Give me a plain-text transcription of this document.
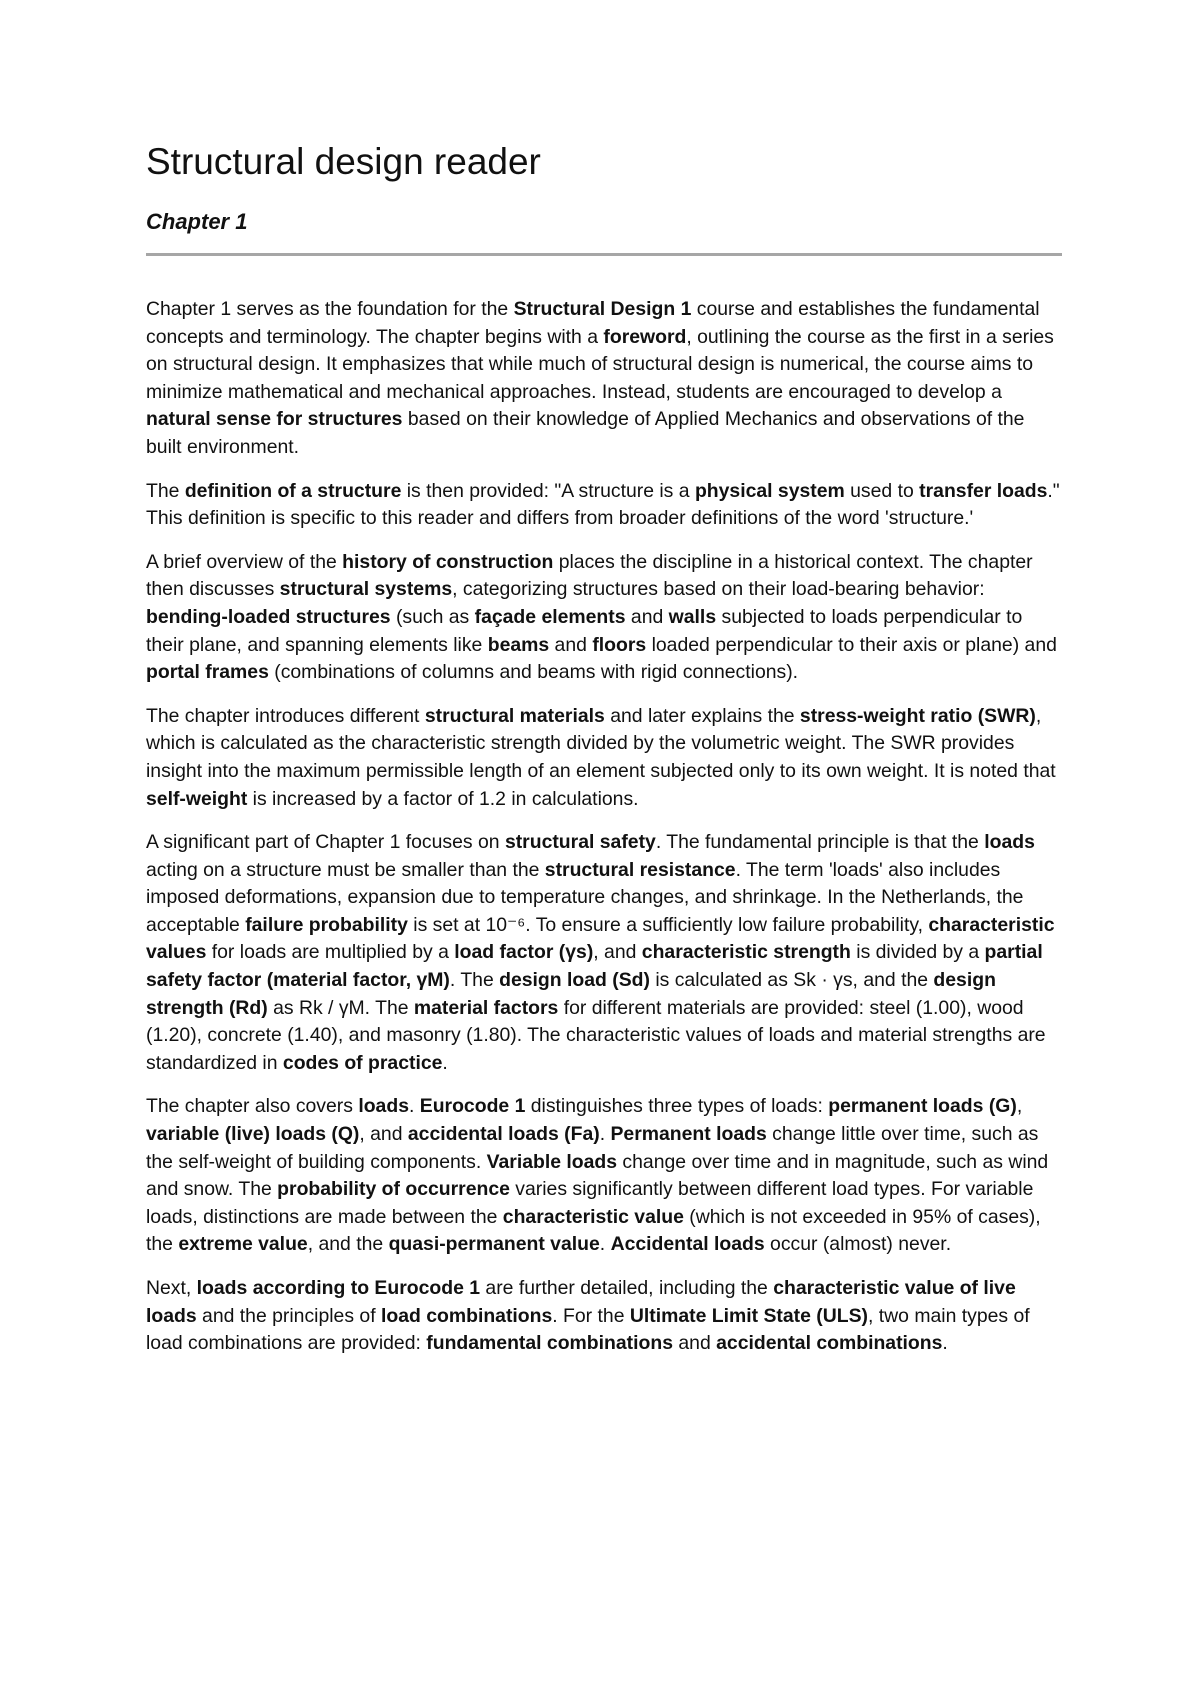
Structural design reader
Chapter 1

Chapter 1 serves as the foundation for the Structural Design 1 course and establishes the fundamental concepts and terminology. The chapter begins with a foreword, outlining the course as the first in a series on structural design. It emphasizes that while much of structural design is numerical, the course aims to minimize mathematical and mechanical approaches. Instead, students are encouraged to develop a natural sense for structures based on their knowledge of Applied Mechanics and observations of the built environment.

The definition of a structure is then provided: "A structure is a physical system used to transfer loads." This definition is specific to this reader and differs from broader definitions of the word 'structure.'

A brief overview of the history of construction places the discipline in a historical context. The chapter then discusses structural systems, categorizing structures based on their load-bearing behavior: bending-loaded structures (such as façade elements and walls subjected to loads perpendicular to their plane, and spanning elements like beams and floors loaded perpendicular to their axis or plane) and portal frames (combinations of columns and beams with rigid connections).

The chapter introduces different structural materials and later explains the stress-weight ratio (SWR), which is calculated as the characteristic strength divided by the volumetric weight. The SWR provides insight into the maximum permissible length of an element subjected only to its own weight. It is noted that self-weight is increased by a factor of 1.2 in calculations.

A significant part of Chapter 1 focuses on structural safety. The fundamental principle is that the loads acting on a structure must be smaller than the structural resistance. The term 'loads' also includes imposed deformations, expansion due to temperature changes, and shrinkage. In the Netherlands, the acceptable failure probability is set at 10⁻⁶. To ensure a sufficiently low failure probability, characteristic values for loads are multiplied by a load factor (γs), and characteristic strength is divided by a partial safety factor (material factor, γM). The design load (Sd) is calculated as Sk · γs, and the design strength (Rd) as Rk / γM. The material factors for different materials are provided: steel (1.00), wood (1.20), concrete (1.40), and masonry (1.80). The characteristic values of loads and material strengths are standardized in codes of practice.

The chapter also covers loads. Eurocode 1 distinguishes three types of loads: permanent loads (G), variable (live) loads (Q), and accidental loads (Fa). Permanent loads change little over time, such as the self-weight of building components. Variable loads change over time and in magnitude, such as wind and snow. The probability of occurrence varies significantly between different load types. For variable loads, distinctions are made between the characteristic value (which is not exceeded in 95% of cases), the extreme value, and the quasi-permanent value. Accidental loads occur (almost) never.

Next, loads according to Eurocode 1 are further detailed, including the characteristic value of live loads and the principles of load combinations. For the Ultimate Limit State (ULS), two main types of load combinations are provided: fundamental combinations and accidental combinations.
